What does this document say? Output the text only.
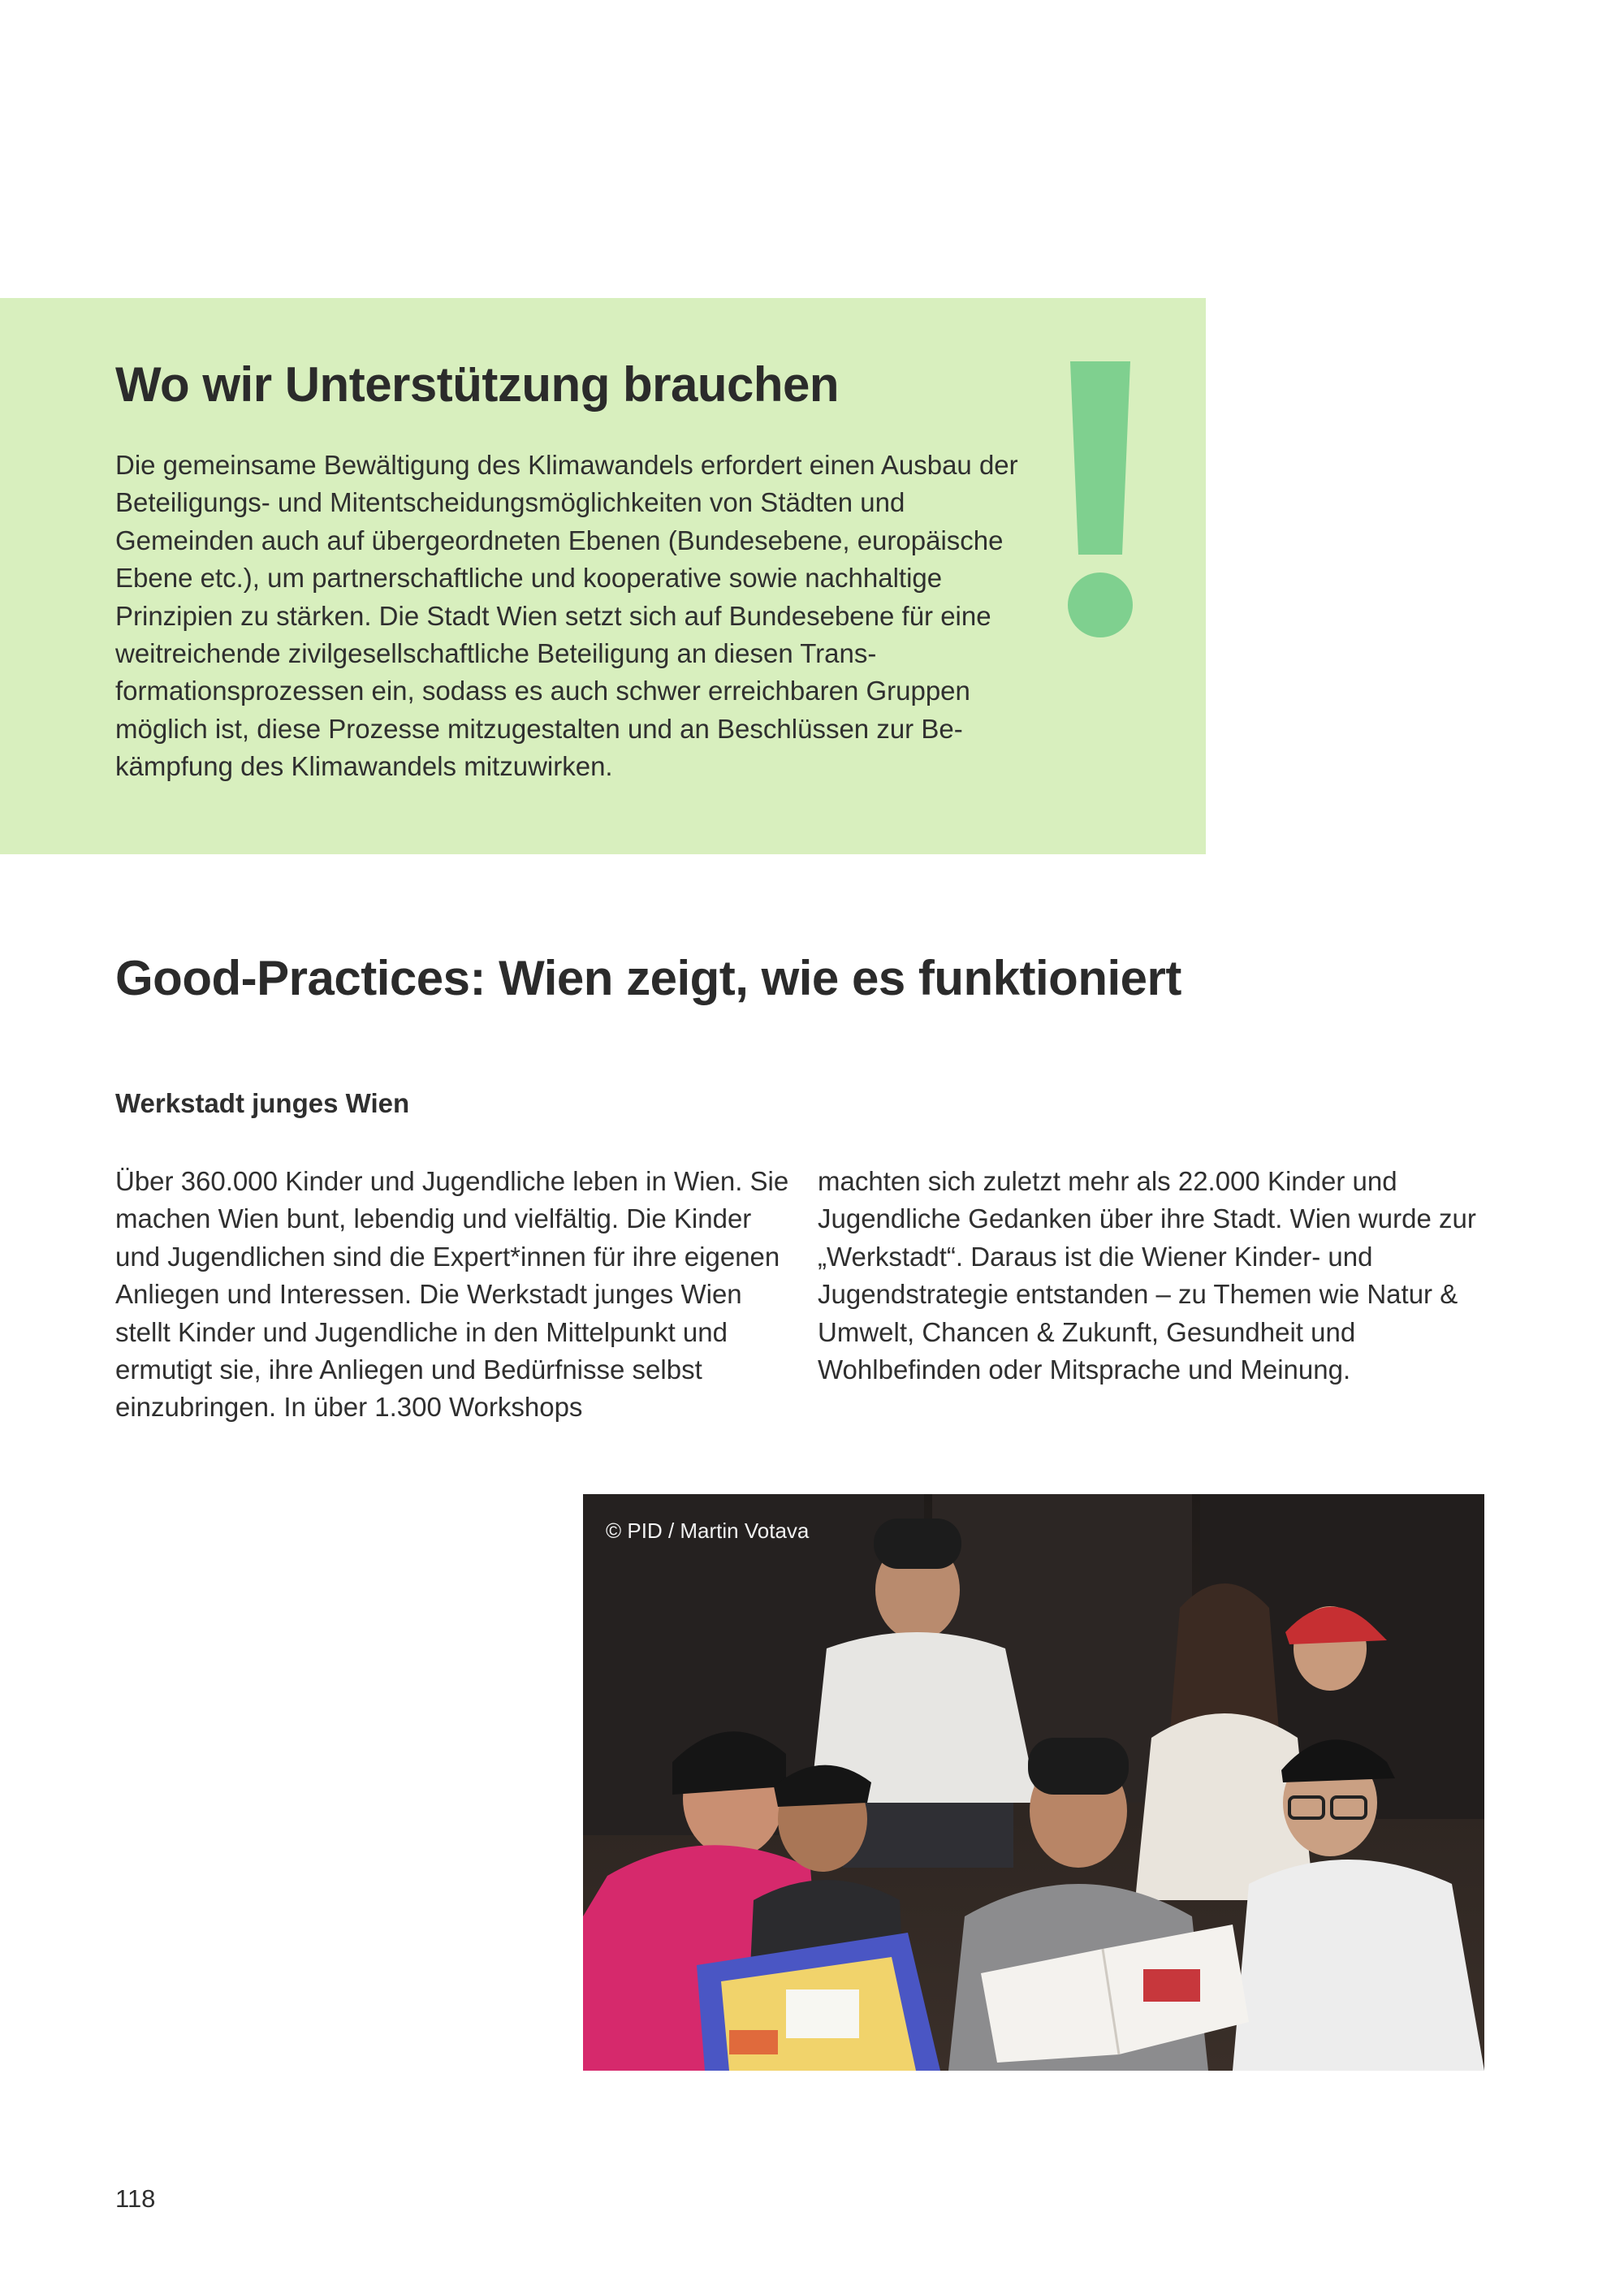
Wo wir Unterstützung brauchen

Die gemeinsame Bewältigung des Klimawandels erfordert einen Ausbau der Beteiligungs- und Mitentscheidungsmöglichkeiten von Städten und Gemeinden auch auf übergeordneten Ebenen (Bundesebene, europäische Ebene etc.), um partnerschaftliche und kooperative sowie nachhaltige Prinzipien zu stärken. Die Stadt Wien setzt sich auf Bundesebene für eine weitreichende zivilgesellschaftliche Beteiligung an diesen Transformationsprozessen ein, sodass es auch schwer erreichbaren Gruppen möglich ist, diese Prozesse mitzugestalten und an Beschlüssen zur Bekämpfung des Klimawandels mitzuwirken.

Good-Practices: Wien zeigt, wie es funktioniert
Werkstadt junges Wien

Über 360.000 Kinder und Jugendliche leben in Wien. Sie machen Wien bunt, lebendig und vielfältig. Die Kinder und Jugendlichen sind die Expert*innen für ihre eigenen Anliegen und Interessen. Die Werkstadt junges Wien stellt Kinder und Jugendliche in den Mittelpunkt und ermutigt sie, ihre Anliegen und Bedürfnisse selbst einzubringen. In über 1.300 Workshops

machten sich zuletzt mehr als 22.000 Kinder und Jugendliche Gedanken über ihre Stadt. Wien wurde zur „Werkstadt“. Daraus ist die Wiener Kinder- und Jugendstrategie entstanden – zu Themen wie Natur & Umwelt, Chancen & Zukunft, Gesundheit und Wohlbefinden oder Mitsprache und Meinung.

© PID / Martin Votava
118
